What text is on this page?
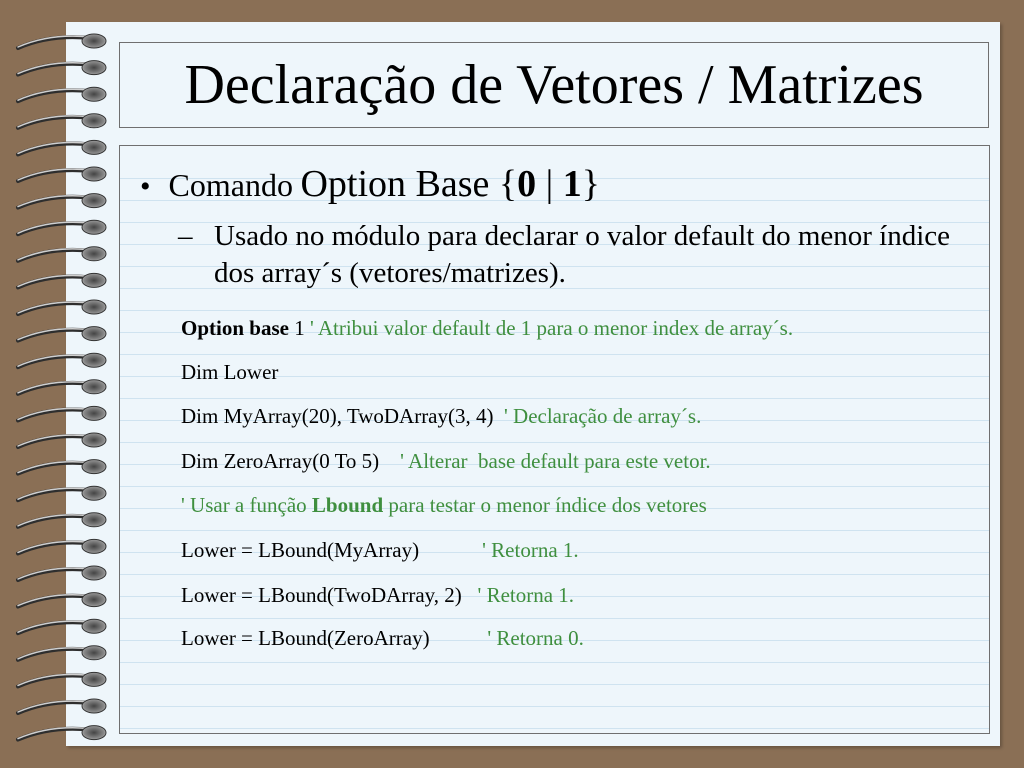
Declaração de Vetores / Matrizes
• Comando Option Base {0 | 1}
– Usado no módulo para declarar o valor default do menor índice dos array´s (vetores/matrizes).
Option base 1 ' Atribui valor default de 1 para o menor index de array´s.
Dim Lower
Dim MyArray(20), TwoDArray(3, 4)  ' Declaração de array´s.
Dim ZeroArray(0 To 5)    ' Alterar  base default para este vetor.
' Usar a função Lbound para testar o menor índice dos vetores
Lower = LBound(MyArray)            ' Retorna 1.
Lower = LBound(TwoDArray, 2)   ' Retorna 1.
Lower = LBound(ZeroArray)           ' Retorna 0.
